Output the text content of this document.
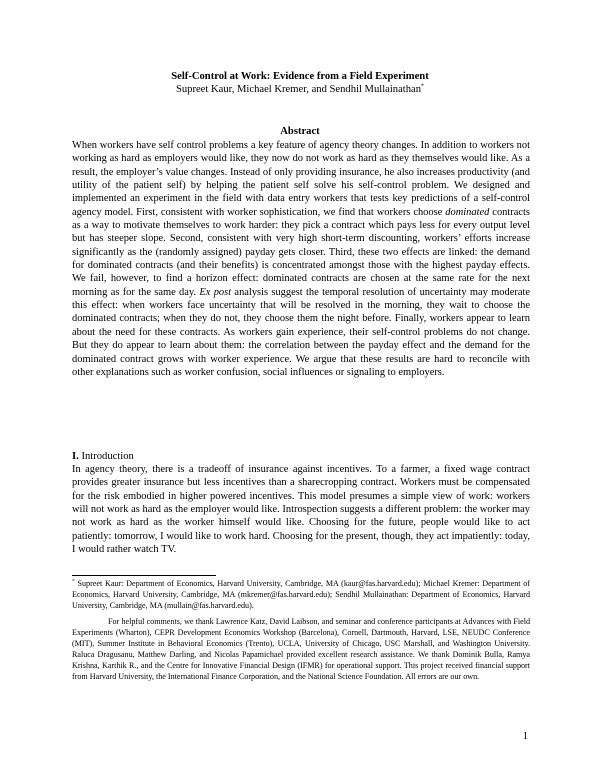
Self-Control at Work: Evidence from a Field Experiment
Supreet Kaur, Michael Kremer, and Sendhil Mullainathan*
Abstract

When workers have self control problems a key feature of agency theory changes. In addition to workers not working as hard as employers would like, they now do not work as hard as they themselves would like. As a result, the employer’s value changes. Instead of only providing insurance, he also increases productivity (and utility of the patient self) by helping the patient self solve his self-control problem. We designed and implemented an experiment in the field with data entry workers that tests key predictions of a self-control agency model. First, consistent with worker sophistication, we find that workers choose dominated contracts as a way to motivate themselves to work harder: they pick a contract which pays less for every output level but has steeper slope. Second, consistent with very high short-term discounting, workers’ efforts increase significantly as the (randomly assigned) payday gets closer. Third, these two effects are linked: the demand for dominated contracts (and their benefits) is concentrated amongst those with the highest payday effects. We fail, however, to find a horizon effect: dominated contracts are chosen at the same rate for the next morning as for the same day. Ex post analysis suggest the temporal resolution of uncertainty may moderate this effect: when workers face uncertainty that will be resolved in the morning, they wait to choose the dominated contracts; when they do not, they choose them the night before. Finally, workers appear to learn about the need for these contracts. As workers gain experience, their self-control problems do not change. But they do appear to learn about them: the correlation between the payday effect and the demand for the dominated contract grows with worker experience. We argue that these results are hard to reconcile with other explanations such as worker confusion, social influences or signaling to employers.

I. Introduction

In agency theory, there is a tradeoff of insurance against incentives. To a farmer, a fixed wage contract provides greater insurance but less incentives than a sharecropping contract. Workers must be compensated for the risk embodied in higher powered incentives. This model presumes a simple view of work: workers will not work as hard as the employer would like. Introspection suggests a different problem: the worker may not work as hard as the worker himself would like. Choosing for the future, people would like to act patiently: tomorrow, I would like to work hard. Choosing for the present, though, they act impatiently: today, I would rather watch TV.

* Supreet Kaur: Department of Economics, Harvard University, Cambridge, MA (kaur@fas.harvard.edu); Michael Kremer: Department of Economics, Harvard University, Cambridge, MA (mkremer@fas.harvard.edu); Sendhil Mullainathan: Department of Economics, Harvard University, Cambridge, MA (mullain@fas.harvard.edu).

For helpful comments, we thank Lawrence Katz, David Laibson, and seminar and conference participants at Advances with Field Experiments (Wharton), CEPR Development Economics Workshop (Barcelona), Cornell, Dartmouth, Harvard, LSE, NEUDC Conference (MIT), Summer Institute in Behavioral Economics (Trento), UCLA, University of Chicago, USC Marshall, and Washington University. Raluca Dragusanu, Matthew Darling, and Nicolas Papamichael provided excellent research assistance. We thank Dominik Bulla, Ramya Krishna, Karthik R., and the Centre for Innovative Financial Design (IFMR) for operational support. This project received financial support from Harvard University, the International Finance Corporation, and the National Science Foundation. All errors are our own.

1
